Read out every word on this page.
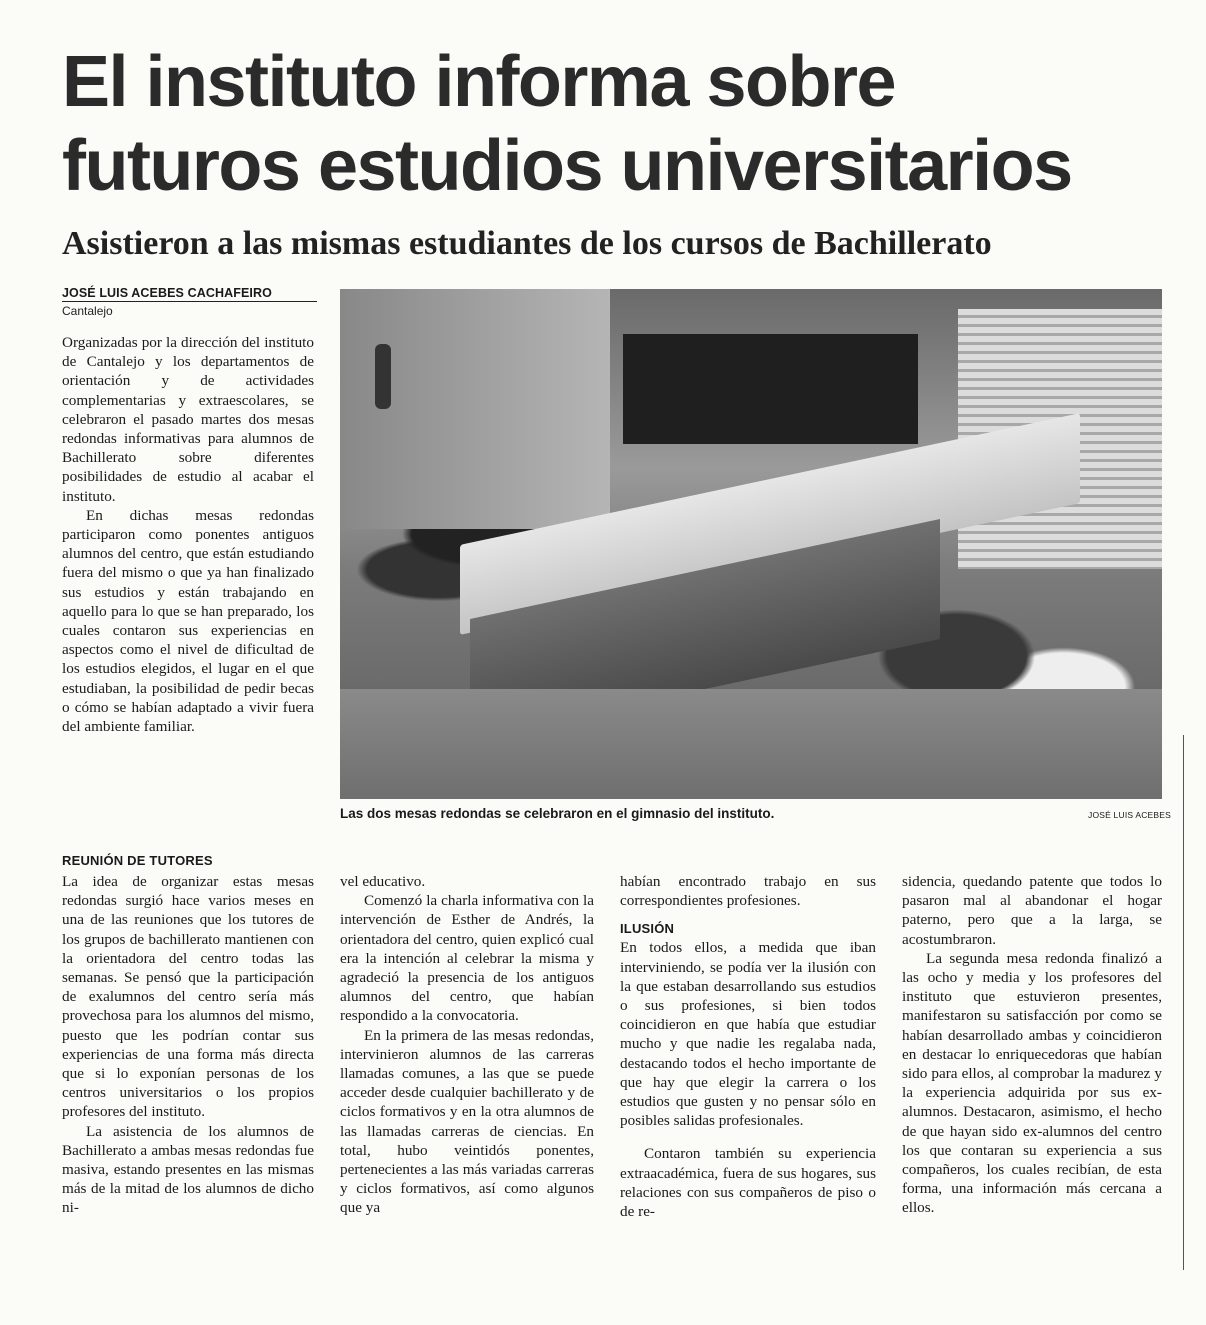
El instituto informa sobre
futuros estudios universitarios
Asistieron a las mismas estudiantes de los cursos de Bachillerato
JOSÉ LUIS ACEBES CACHAFEIRO
Cantalejo
Las dos mesas redondas se celebraron en el gimnasio del instituto.	JOSÉ LUIS ACEBES

Organizadas por la dirección del instituto de Cantalejo y los departamentos de orientación y de actividades complementarias y extraescolares, se celebraron el pasado martes dos mesas redondas informativas para alumnos de Bachillerato sobre diferentes posibilidades de estudio al acabar el instituto.

En dichas mesas redondas participaron como ponentes antiguos alumnos del centro, que están estudiando fuera del mismo o que ya han finalizado sus estudios y están trabajando en aquello para lo que se han preparado, los cuales contaron sus experiencias en aspectos como el nivel de dificultad de los estudios elegidos, el lugar en el que estudiaban, la posibilidad de pedir becas o cómo se habían adaptado a vivir fuera del ambiente familiar.

REUNIÓN DE TUTORES

La idea de organizar estas mesas redondas surgió hace varios meses en una de las reuniones que los tutores de los grupos de bachillerato mantienen con la orientadora del centro todas las semanas. Se pensó que la participación de exalumnos del centro sería más provechosa para los alumnos del mismo, puesto que les podrían contar sus experiencias de una forma más directa que si lo exponían personas de los centros universitarios o los propios profesores del instituto.

La asistencia de los alumnos de Bachillerato a ambas mesas redondas fue masiva, estando presentes en las mismas más de la mitad de los alumnos de dicho ni-

vel educativo.

Comenzó la charla informativa con la intervención de Esther de Andrés, la orientadora del centro, quien explicó cual era la intención al celebrar la misma y agradeció la presencia de los antiguos alumnos del centro, que habían respondido a la convocatoria.

En la primera de las mesas redondas, intervinieron alumnos de las carreras llamadas comunes, a las que se puede acceder desde cualquier bachillerato y de ciclos formativos y en la otra alumnos de las llamadas carreras de ciencias. En total, hubo veintidós ponentes, pertenecientes a las más variadas carreras y ciclos formativos, así como algunos que ya

habían encontrado trabajo en sus correspondientes profesiones.

ILUSIÓN

En todos ellos, a medida que iban interviniendo, se podía ver la ilusión con la que estaban desarrollando sus estudios o sus profesiones, si bien todos coincidieron en que había que estudiar mucho y que nadie les regalaba nada, destacando todos el hecho importante de que hay que elegir la carrera o los estudios que gusten y no pensar sólo en posibles salidas profesionales.

Contaron también su experiencia extraacadémica, fuera de sus hogares, sus relaciones con sus compañeros de piso o de re-

sidencia, quedando patente que todos lo pasaron mal al abandonar el hogar paterno, pero que a la larga, se acostumbraron.

La segunda mesa redonda finalizó a las ocho y media y los profesores del instituto que estuvieron presentes, manifestaron su satisfacción por como se habían desarrollado ambas y coincidieron en destacar lo enriquecedoras que habían sido para ellos, al comprobar la madurez y la experiencia adquirida por sus ex-alumnos. Destacaron, asimismo, el hecho de que hayan sido ex-alumnos del centro los que contaran su experiencia a sus compañeros, los cuales recibían, de esta forma, una información más cercana a ellos.
